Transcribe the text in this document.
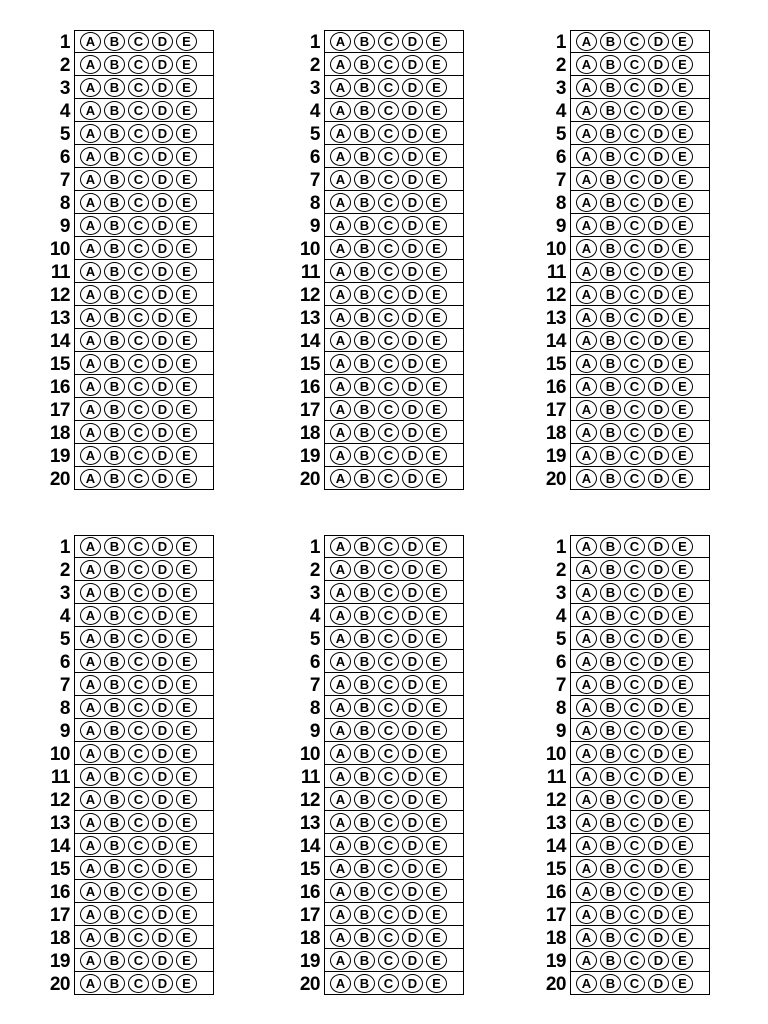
1	A	B	C	D	E
2	A	B	C	D	E
3	A	B	C	D	E
4	A	B	C	D	E
5	A	B	C	D	E
6	A	B	C	D	E
7	A	B	C	D	E
8	A	B	C	D	E
9	A	B	C	D	E
10	A	B	C	D	E
11	A	B	C	D	E
12	A	B	C	D	E
13	A	B	C	D	E
14	A	B	C	D	E
15	A	B	C	D	E
16	A	B	C	D	E
17	A	B	C	D	E
18	A	B	C	D	E
19	A	B	C	D	E
20	A	B	C	D	E
1	A	B	C	D	E
2	A	B	C	D	E
3	A	B	C	D	E
4	A	B	C	D	E
5	A	B	C	D	E
6	A	B	C	D	E
7	A	B	C	D	E
8	A	B	C	D	E
9	A	B	C	D	E
10	A	B	C	D	E
11	A	B	C	D	E
12	A	B	C	D	E
13	A	B	C	D	E
14	A	B	C	D	E
15	A	B	C	D	E
16	A	B	C	D	E
17	A	B	C	D	E
18	A	B	C	D	E
19	A	B	C	D	E
20	A	B	C	D	E
1	A	B	C	D	E
2	A	B	C	D	E
3	A	B	C	D	E
4	A	B	C	D	E
5	A	B	C	D	E
6	A	B	C	D	E
7	A	B	C	D	E
8	A	B	C	D	E
9	A	B	C	D	E
10	A	B	C	D	E
11	A	B	C	D	E
12	A	B	C	D	E
13	A	B	C	D	E
14	A	B	C	D	E
15	A	B	C	D	E
16	A	B	C	D	E
17	A	B	C	D	E
18	A	B	C	D	E
19	A	B	C	D	E
20	A	B	C	D	E
1	A	B	C	D	E
2	A	B	C	D	E
3	A	B	C	D	E
4	A	B	C	D	E
5	A	B	C	D	E
6	A	B	C	D	E
7	A	B	C	D	E
8	A	B	C	D	E
9	A	B	C	D	E
10	A	B	C	D	E
11	A	B	C	D	E
12	A	B	C	D	E
13	A	B	C	D	E
14	A	B	C	D	E
15	A	B	C	D	E
16	A	B	C	D	E
17	A	B	C	D	E
18	A	B	C	D	E
19	A	B	C	D	E
20	A	B	C	D	E
1	A	B	C	D	E
2	A	B	C	D	E
3	A	B	C	D	E
4	A	B	C	D	E
5	A	B	C	D	E
6	A	B	C	D	E
7	A	B	C	D	E
8	A	B	C	D	E
9	A	B	C	D	E
10	A	B	C	D	E
11	A	B	C	D	E
12	A	B	C	D	E
13	A	B	C	D	E
14	A	B	C	D	E
15	A	B	C	D	E
16	A	B	C	D	E
17	A	B	C	D	E
18	A	B	C	D	E
19	A	B	C	D	E
20	A	B	C	D	E
1	A	B	C	D	E
2	A	B	C	D	E
3	A	B	C	D	E
4	A	B	C	D	E
5	A	B	C	D	E
6	A	B	C	D	E
7	A	B	C	D	E
8	A	B	C	D	E
9	A	B	C	D	E
10	A	B	C	D	E
11	A	B	C	D	E
12	A	B	C	D	E
13	A	B	C	D	E
14	A	B	C	D	E
15	A	B	C	D	E
16	A	B	C	D	E
17	A	B	C	D	E
18	A	B	C	D	E
19	A	B	C	D	E
20	A	B	C	D	E
